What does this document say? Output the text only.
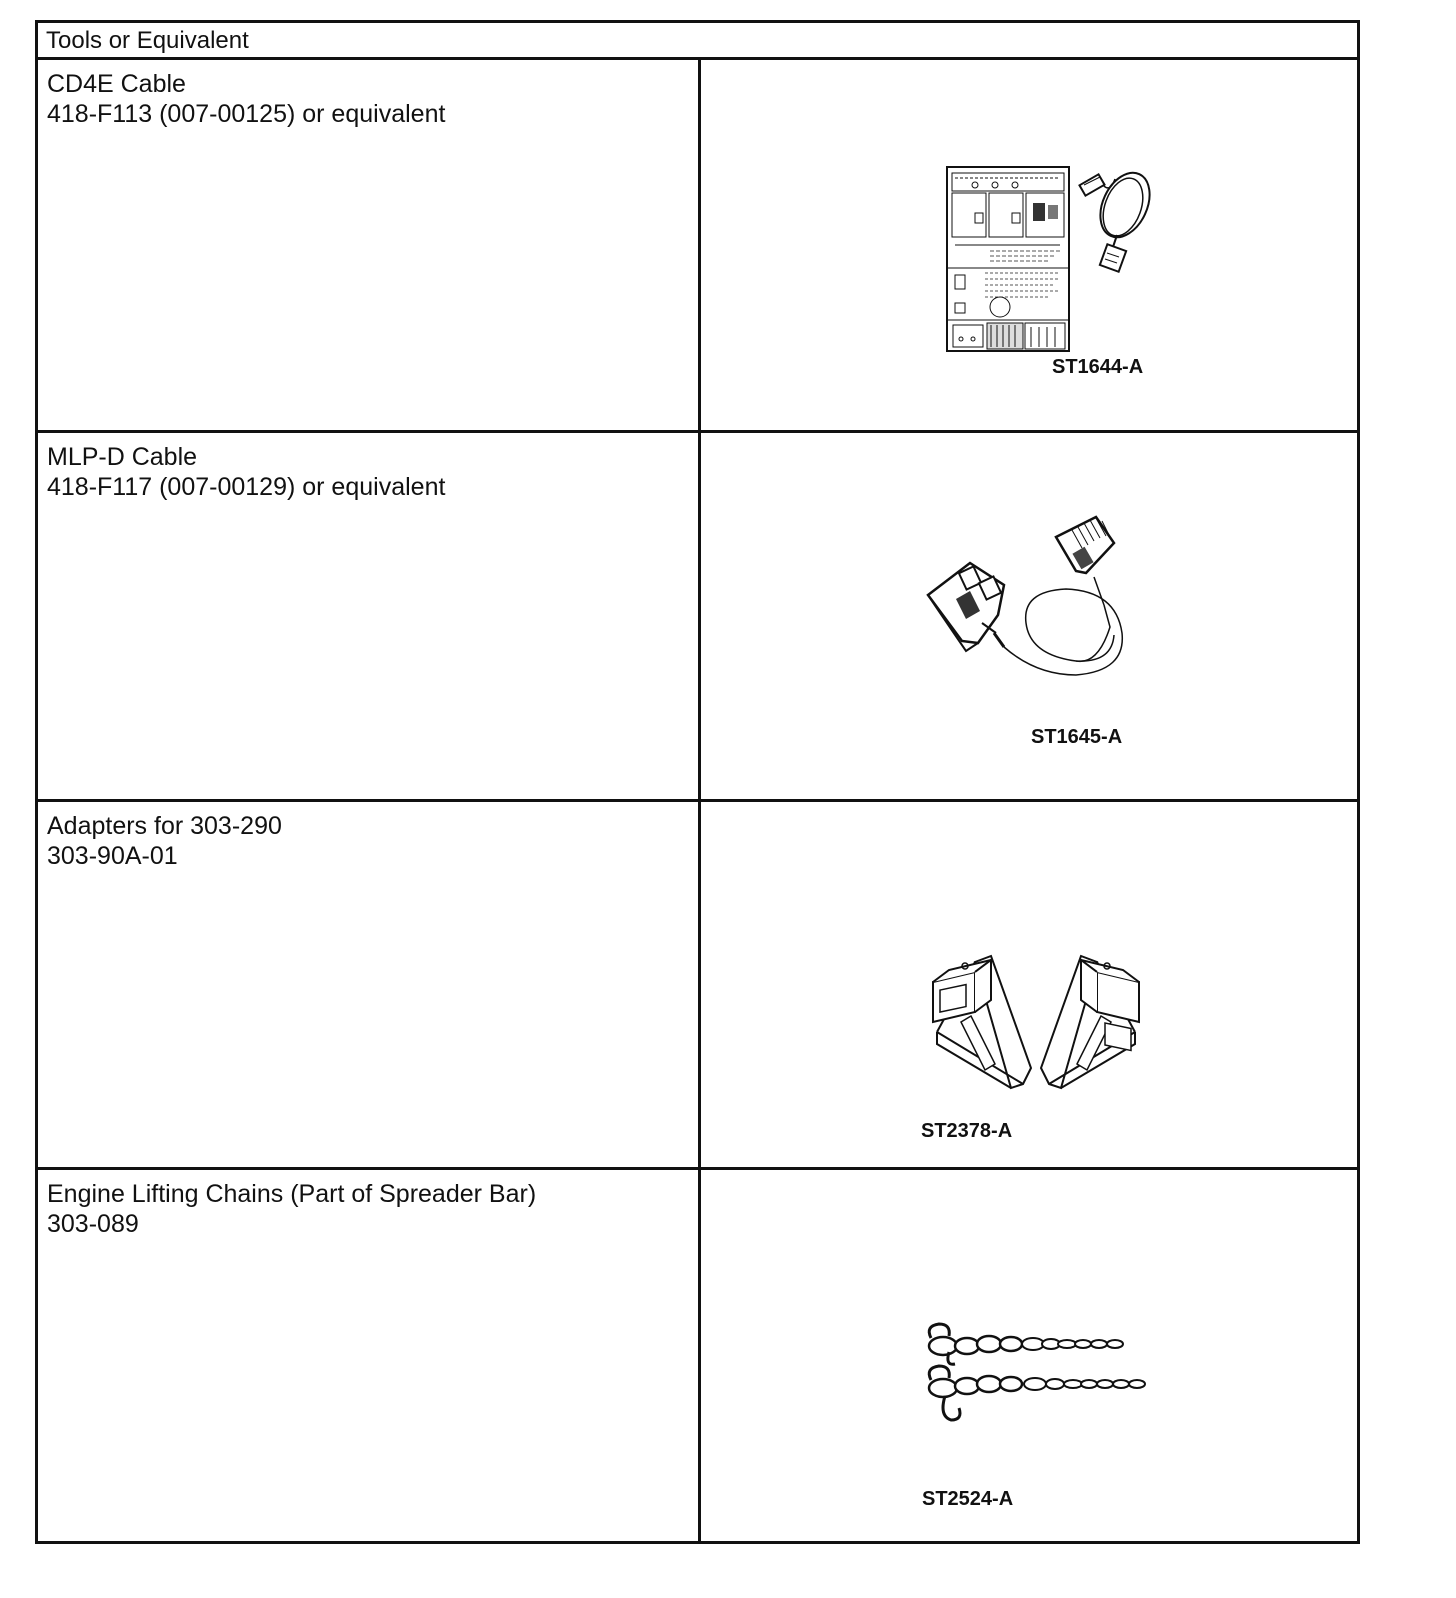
Tools or Equivalent
CD4E Cable
418-F113 (007-00125) or equivalent
ST1644-A
MLP-D Cable
418-F117 (007-00129) or equivalent
ST1645-A
Adapters for 303-290
303-90A-01
ST2378-A
Engine Lifting Chains (Part of Spreader Bar)
303-089
ST2524-A
